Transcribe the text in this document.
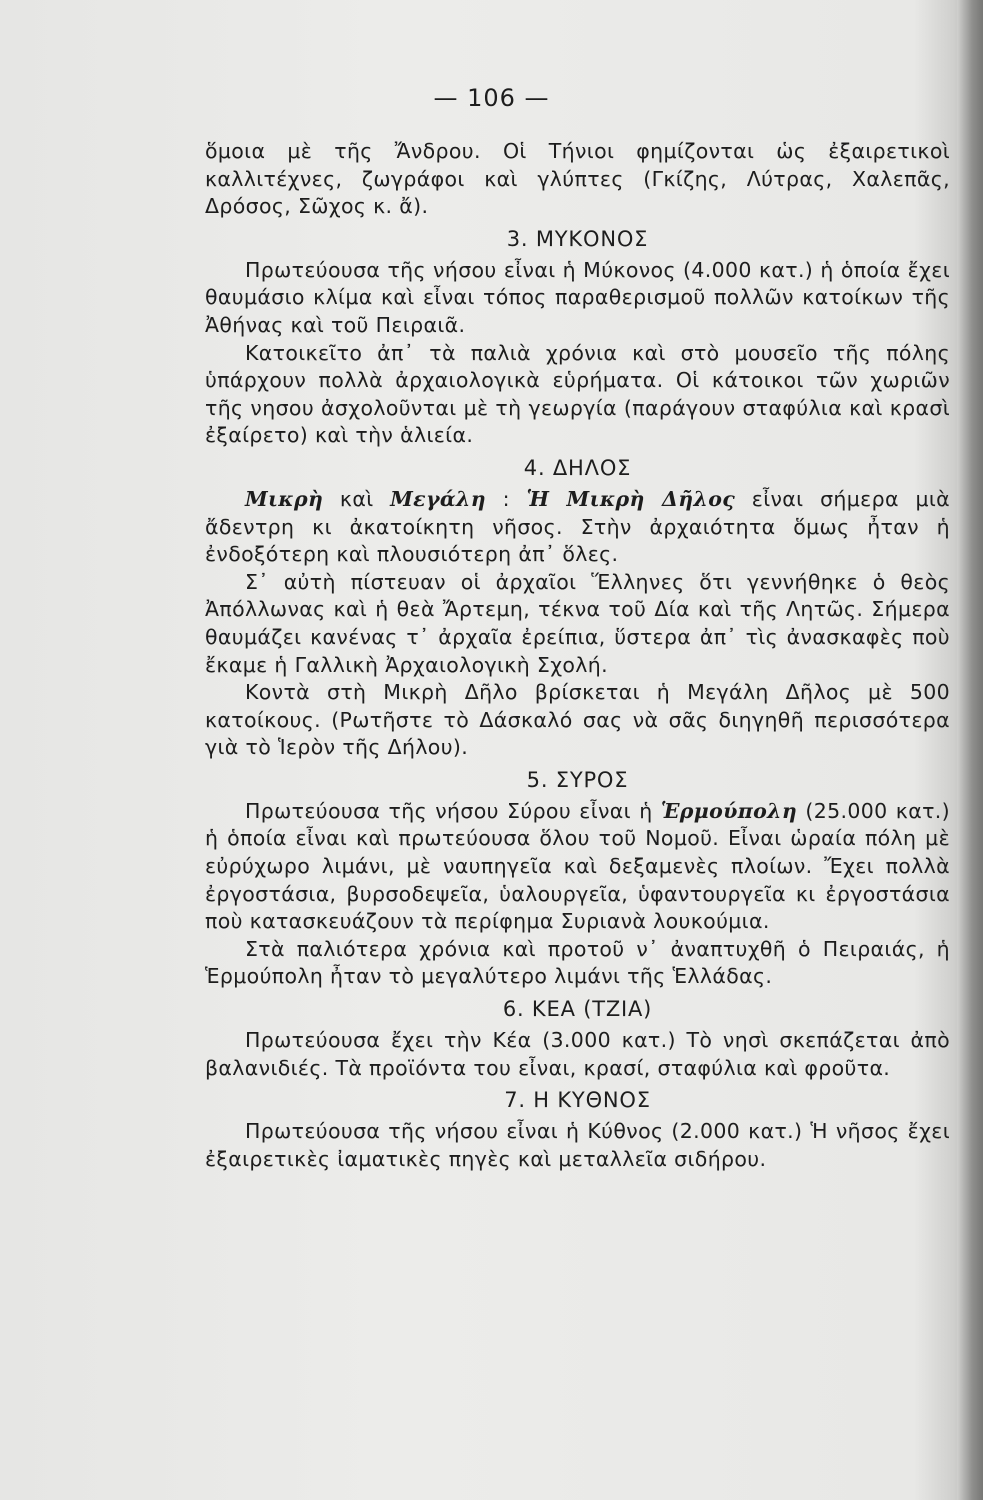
— 106 —

ὅμοια μὲ τῆς Ἄνδρου. Οἱ Τήνιοι φημίζονται ὡς ἐξαιρετικοὶ καλλιτέχνες, ζωγράφοι καὶ γλύπτες (Γκίζης, Λύτρας, Χαλεπᾶς, Δρόσος, Σῶχος κ. ἄ).

3. ΜΥΚΟΝΟΣ

Πρωτεύουσα τῆς νήσου εἶναι ἡ Μύκονος (4.000 κατ.) ἡ ὁποία ἔχει θαυμάσιο κλίμα καὶ εἶναι τόπος παραθερισμοῦ πολλῶν κατοίκων τῆς Ἀθήνας καὶ τοῦ Πειραιᾶ.

Κατοικεῖτο ἀπ᾿ τὰ παλιὰ χρόνια καὶ στὸ μουσεῖο τῆς πόλης ὑπάρχουν πολλὰ ἀρχαιολογικὰ εὑρήματα. Οἱ κάτοικοι τῶν χωριῶν τῆς νησου ἀσχολοῦνται μὲ τὴ γεωργία (παράγουν σταφύλια καὶ κρασὶ ἐξαίρετο) καὶ τὴν ἁλιεία.

4. ΔΗΛΟΣ

Μικρὴ καὶ Μεγάλη : Ἡ Μικρὴ Δῆλος εἶναι σήμερα μιὰ ἄδεντρη κι ἀκατοίκητη νῆσος. Στὴν ἀρχαιότητα ὅμως ἦταν ἡ ἐνδοξότερη καὶ πλουσιότερη ἀπ᾿ ὅλες.

Σ᾿ αὐτὴ πίστευαν οἱ ἀρχαῖοι Ἕλληνες ὅτι γεννήθηκε ὁ θεὸς Ἀπόλλωνας καὶ ἡ θεὰ Ἄρτεμη, τέκνα τοῦ Δία καὶ τῆς Λητῶς. Σήμερα θαυμάζει κανένας τ᾿ ἀρχαῖα ἐρείπια, ὕστερα ἀπ᾿ τὶς ἀνασκαφὲς ποὺ ἔκαμε ἡ Γαλλικὴ Ἀρχαιολογικὴ Σχολή.

Κοντὰ στὴ Μικρὴ Δῆλο βρίσκεται ἡ Μεγάλη Δῆλος μὲ 500 κατοίκους. (Ρωτῆστε τὸ Δάσκαλό σας νὰ σᾶς διηγηθῆ περισσότερα γιὰ τὸ Ἱερὸν τῆς Δήλου).

5. ΣΥΡΟΣ

Πρωτεύουσα τῆς νήσου Σύρου εἶναι ἡ Ἑρμούπολη (25.000 κατ.) ἡ ὁποία εἶναι καὶ πρωτεύουσα ὅλου τοῦ Νομοῦ. Εἶναι ὡραία πόλη μὲ εὐρύχωρο λιμάνι, μὲ ναυπηγεῖα καὶ δεξαμενὲς πλοίων. Ἔχει πολλὰ ἐργοστάσια, βυρσοδεψεῖα, ὑαλουργεῖα, ὑφαντουργεῖα κι ἐργοστάσια ποὺ κατασκευάζουν τὰ περίφημα Συριανὰ λουκούμια.

Στὰ παλιότερα χρόνια καὶ προτοῦ ν᾿ ἀναπτυχθῆ ὁ Πειραιάς, ἡ Ἑρμούπολη ἦταν τὸ μεγαλύτερο λιμάνι τῆς Ἑλλάδας.

6. ΚΕΑ (ΤΖΙΑ)

Πρωτεύουσα ἔχει τὴν Κέα (3.000 κατ.) Τὸ νησὶ σκεπάζεται ἀπὸ βαλανιδιές. Τὰ προϊόντα του εἶναι, κρασί, σταφύλια καὶ φροῦτα.

7. Η ΚΥΘΝΟΣ

Πρωτεύουσα τῆς νήσου εἶναι ἡ Κύθνος (2.000 κατ.) Ἡ νῆσος ἔχει ἐξαιρετικὲς ἰαματικὲς πηγὲς καὶ μεταλλεῖα σιδήρου.
